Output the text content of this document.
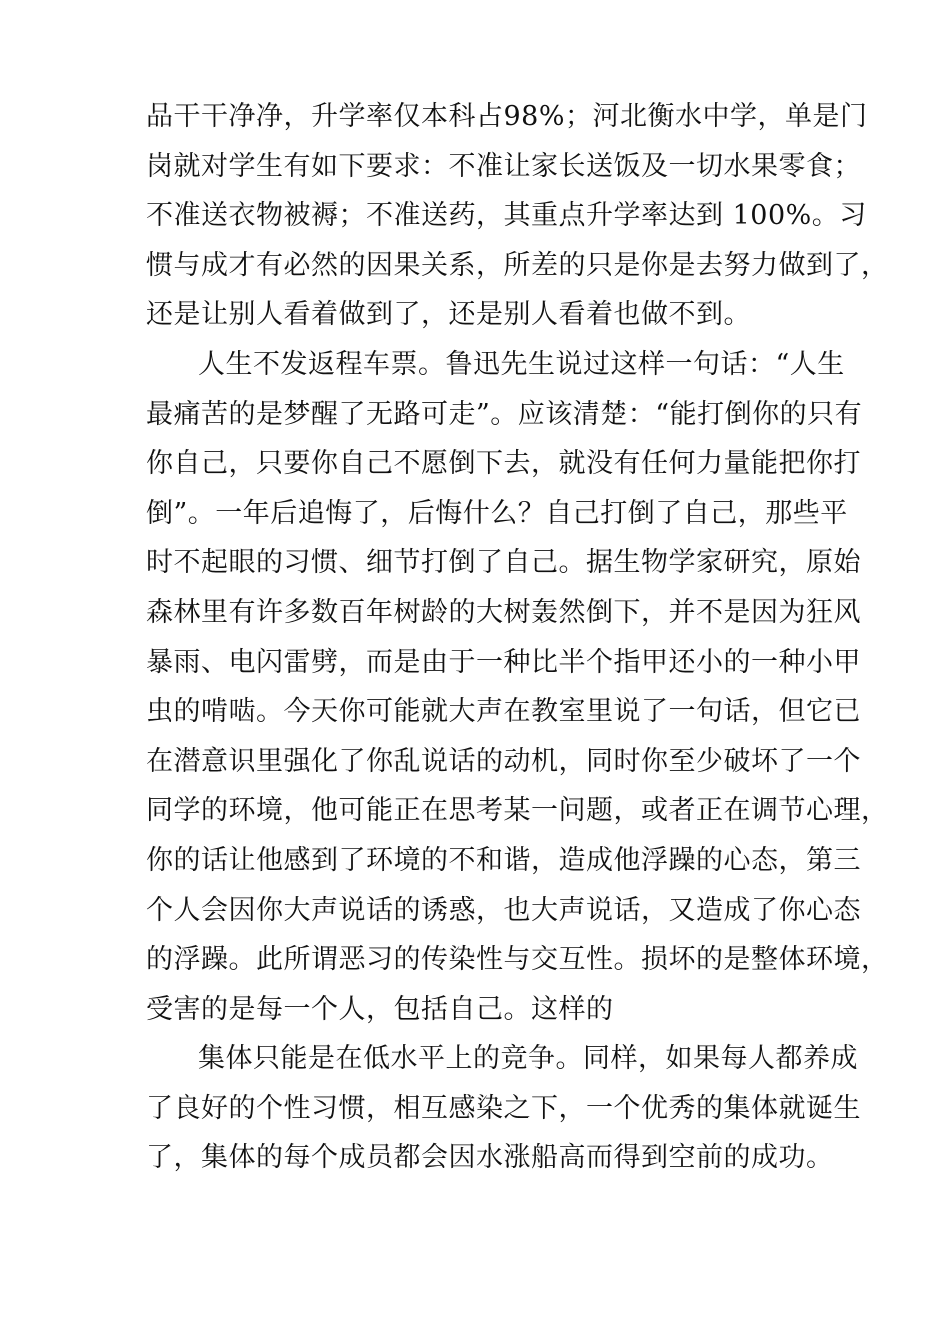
品干干净净，升学率仅本科占98%；河北衡水中学，单是门
岗就对学生有如下要求：不准让家长送饭及一切水果零食；
不准送衣物被褥；不准送药，其重点升学率达到 100%。习
惯与成才有必然的因果关系，所差的只是你是去努力做到了，
还是让别人看着做到了，还是别人看着也做不到。
人生不发返程车票。鲁迅先生说过这样一句话：“人生
最痛苦的是梦醒了无路可走”。应该清楚：“能打倒你的只有
你自己，只要你自己不愿倒下去，就没有任何力量能把你打
倒”。一年后追悔了，后悔什么？自己打倒了自己，那些平
时不起眼的习惯、细节打倒了自己。据生物学家研究，原始
森林里有许多数百年树龄的大树轰然倒下，并不是因为狂风
暴雨、电闪雷劈，而是由于一种比半个指甲还小的一种小甲
虫的啃啮。今天你可能就大声在教室里说了一句话，但它已
在潜意识里强化了你乱说话的动机，同时你至少破坏了一个
同学的环境，他可能正在思考某一问题，或者正在调节心理，
你的话让他感到了环境的不和谐，造成他浮躁的心态，第三
个人会因你大声说话的诱惑，也大声说话，又造成了你心态
的浮躁。此所谓恶习的传染性与交互性。损坏的是整体环境，
受害的是每一个人，包括自己。这样的
集体只能是在低水平上的竞争。同样，如果每人都养成
了良好的个性习惯，相互感染之下，一个优秀的集体就诞生
了，集体的每个成员都会因水涨船高而得到空前的成功。
